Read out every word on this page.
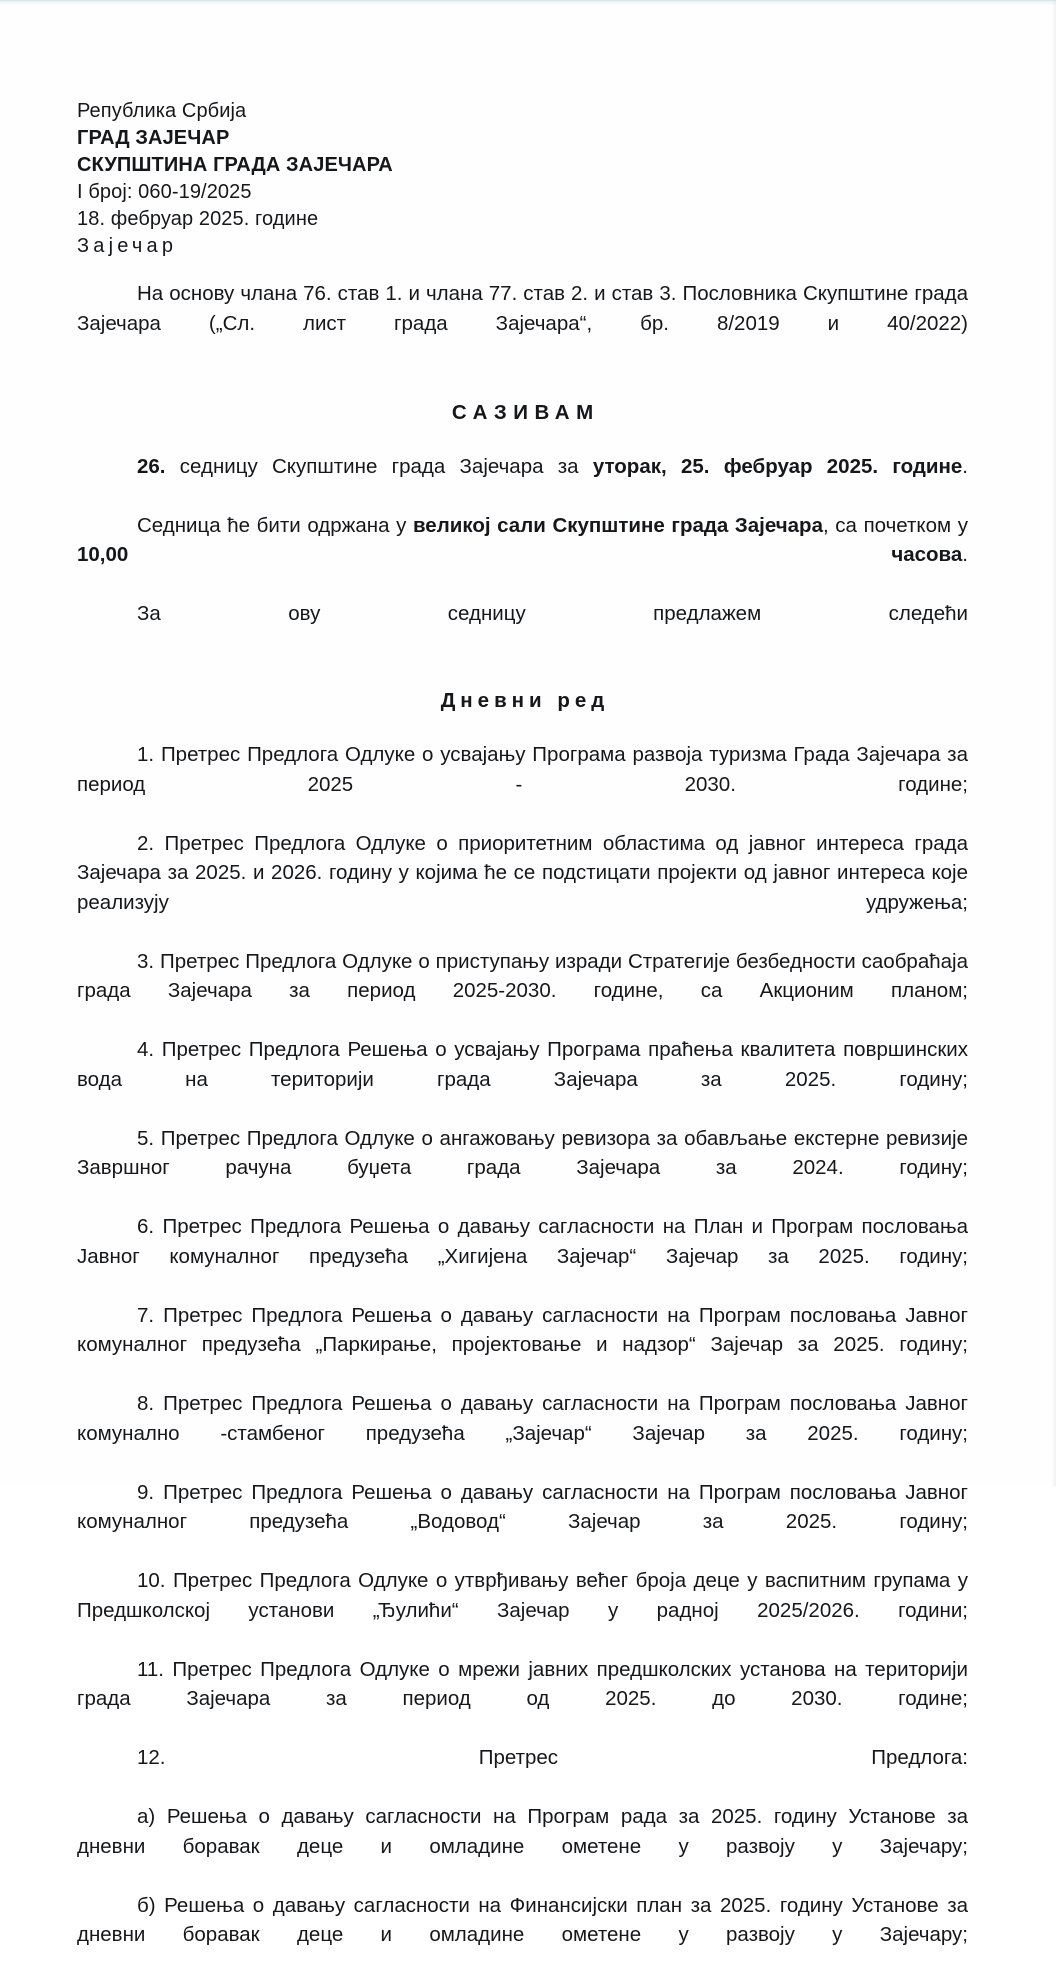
Република Србија
ГРАД ЗАЈЕЧАР
СКУПШТИНА ГРАДА ЗАЈЕЧАРА
I број: 060-19/2025
18. фебруар 2025. године
Зајечар

На основу члана 76. став 1. и члана 77. став 2. и став 3. Пословника Скупштине града Зајечара („Сл. лист града Зајечара“, бр. 8/2019 и 40/2022)

САЗИВАМ

26. седницу Скупштине града Зајечара за уторак, 25. фебруар 2025. године.

Седница ће бити одржана у великој сали Скупштине града Зајечара, са почетком у 10,00 часова.

За ову седницу предлажем следећи

Дневни ред

1. Претрес Предлога Одлуке о усвајању Програма развоја туризма Града Зајечара за период 2025 - 2030. године;

2. Претрес Предлога Одлуке о приоритетним областима од јавног интереса града Зајечара за 2025. и 2026. годину у којима ће се подстицати пројекти од јавног интереса које реализују удружења;

3. Претрес Предлога Одлуке о приступању изради Стратегије безбедности саобраћаја града Зајечара за период 2025-2030. године, са Акционим планом;

4. Претрес Предлога Решења о усвајању Програма праћења квалитета површинских вода на територији града Зајечара за 2025. годину;

5. Претрес Предлога Одлуке о ангажовању ревизора за обављање екстерне ревизије Завршног рачуна буџета града Зајечара за 2024. годину;

6. Претрес Предлога Решења о давању сагласности на План и Програм пословања Јавног комуналног предузећа „Хигијена Зајечар“ Зајечар за 2025. годину;

7. Претрес Предлога Решења о давању сагласности на Програм пословања Јавног комуналног предузећа „Паркирање, пројектовање и надзор“ Зајечар за 2025. годину;

8. Претрес Предлога Решења о давању сагласности на Програм пословања Јавног комунално -стамбеног предузећа „Зајечар“ Зајечар за 2025. годину;

9. Претрес Предлога Решења о давању сагласности на Програм пословања Јавног комуналног предузећа „Водовод“ Зајечар за 2025. годину;

10. Претрес Предлога Одлуке о утврђивању већег броја деце у васпитним групама у Предшколској установи „Ђулићи“ Зајечар у радној 2025/2026. години;

11. Претрес Предлога Одлуке о мрежи јавних предшколских установа на територији града Зајечара за период од 2025. до 2030. године;

12.	Претрес Предлога:

а) Решења о давању сагласности на Програм рада за 2025. годину Установе за дневни боравак деце и омладине ометене у развоју у Зајечару;

б) Решења о давању сагласности на Финансијски план за 2025. годину Установе за дневни боравак деце и омладине ометене у развоју у Зајечару;
